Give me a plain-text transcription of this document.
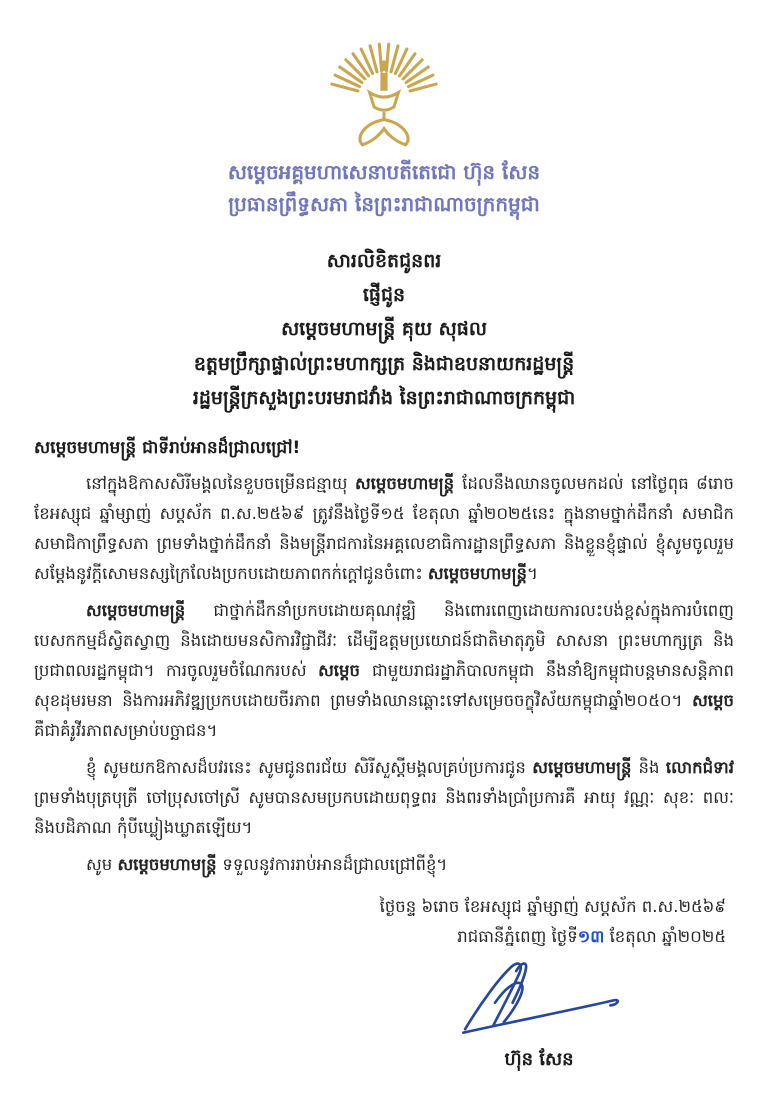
សម្តេចអគ្គមហាសេនាបតីតេជោ ហ៊ុន សែន
ប្រធានព្រឹទ្ធសភា នៃព្រះរាជាណាចក្រកម្ពុជា
សារលិខិតជូនពរ
ផ្ញើជូន
សម្តេចមហាមន្ត្រី គុយ សុផល
ឧត្តមប្រឹក្សាផ្ទាល់ព្រះមហាក្សត្រ និងជាឧបនាយករដ្ឋមន្ត្រី
រដ្ឋមន្ត្រីក្រសួងព្រះបរមរាជវាំង នៃព្រះរាជាណាចក្រកម្ពុជា
សម្តេចមហាមន្ត្រី ជាទីរាប់អានដ៏ជ្រាលជ្រៅ!

នៅក្នុងឱកាសសិរីមង្គលនៃខួបចម្រើនជន្មាយុ សម្តេចមហាមន្ត្រី ដែលនឹងឈានចូលមកដល់ នៅថ្ងៃពុធ ៨រោច ខែអស្សុជ ឆ្នាំម្សាញ់ សប្តស័ក ព.ស.២៥៦៩ ត្រូវនឹងថ្ងៃទី១៥ ខែតុលា ឆ្នាំ២០២៥នេះ ក្នុងនាមថ្នាក់ដឹកនាំ សមាជិក សមាជិកាព្រឹទ្ធសភា ព្រមទាំងថ្នាក់ដឹកនាំ និងមន្ត្រីរាជការនៃអគ្គលេខាធិការដ្ឋានព្រឹទ្ធសភា និងខ្លួនខ្ញុំផ្ទាល់ ខ្ញុំសូមចូលរួមសម្តែងនូវក្តីសោមនស្សក្រៃលែងប្រកបដោយភាពកក់ក្តៅជូនចំពោះ សម្តេចមហាមន្ត្រី។

សម្តេចមហាមន្ត្រី ជាថ្នាក់ដឹកនាំប្រកបដោយគុណវុឌ្ឍិ និងពោរពេញដោយការលះបង់ខ្ពស់ក្នុងការបំពេញបេសកកម្មដ៏ស្វិតស្វាញ និងដោយមនសិការវិជ្ជាជីវៈ ដើម្បីឧត្តមប្រយោជន៍ជាតិមាតុភូមិ សាសនា ព្រះមហាក្សត្រ និងប្រជាពលរដ្ឋកម្ពុជា។ ការចូលរួមចំណែករបស់ សម្តេច ជាមួយរាជរដ្ឋាភិបាលកម្ពុជា នឹងនាំឱ្យកម្ពុជាបន្តមានសន្តិភាព សុខដុមរមនា និងការអភិវឌ្ឍប្រកបដោយចីរភាព ព្រមទាំងឈានឆ្ពោះទៅសម្រេចចក្ខុវិស័យកម្ពុជាឆ្នាំ២០៥០។ សម្តេច គឺជាគំរូវីរភាពសម្រាប់បច្ឆាជន។

ខ្ញុំ សូមយកឱកាសដ៏បវរនេះ សូមជូនពរជ័យ សិរីសួស្តីមង្គលគ្រប់ប្រការជូន សម្តេចមហាមន្ត្រី និង លោកជំទាវ ព្រមទាំងបុត្របុត្រី ចៅប្រុសចៅស្រី សូមបានសមប្រកបដោយពុទ្ធពរ និងពរទាំងប្រាំប្រការគឺ អាយុ វណ្ណៈ សុខៈ ពលៈ និងបដិភាណ កុំបីឃ្លៀងឃ្លាតឡើយ។

សូម សម្តេចមហាមន្ត្រី ទទួលនូវការរាប់អានដ៏ជ្រាលជ្រៅពីខ្ញុំ។

ថ្ងៃចន្ទ ៦រោច ខែអស្សុជ ឆ្នាំម្សាញ់ សប្តស័ក ព.ស.២៥៦៩
រាជធានីភ្នំពេញ ថ្ងៃទី១៣ ខែតុលា ឆ្នាំ២០២៥
ហ៊ុន សែន
